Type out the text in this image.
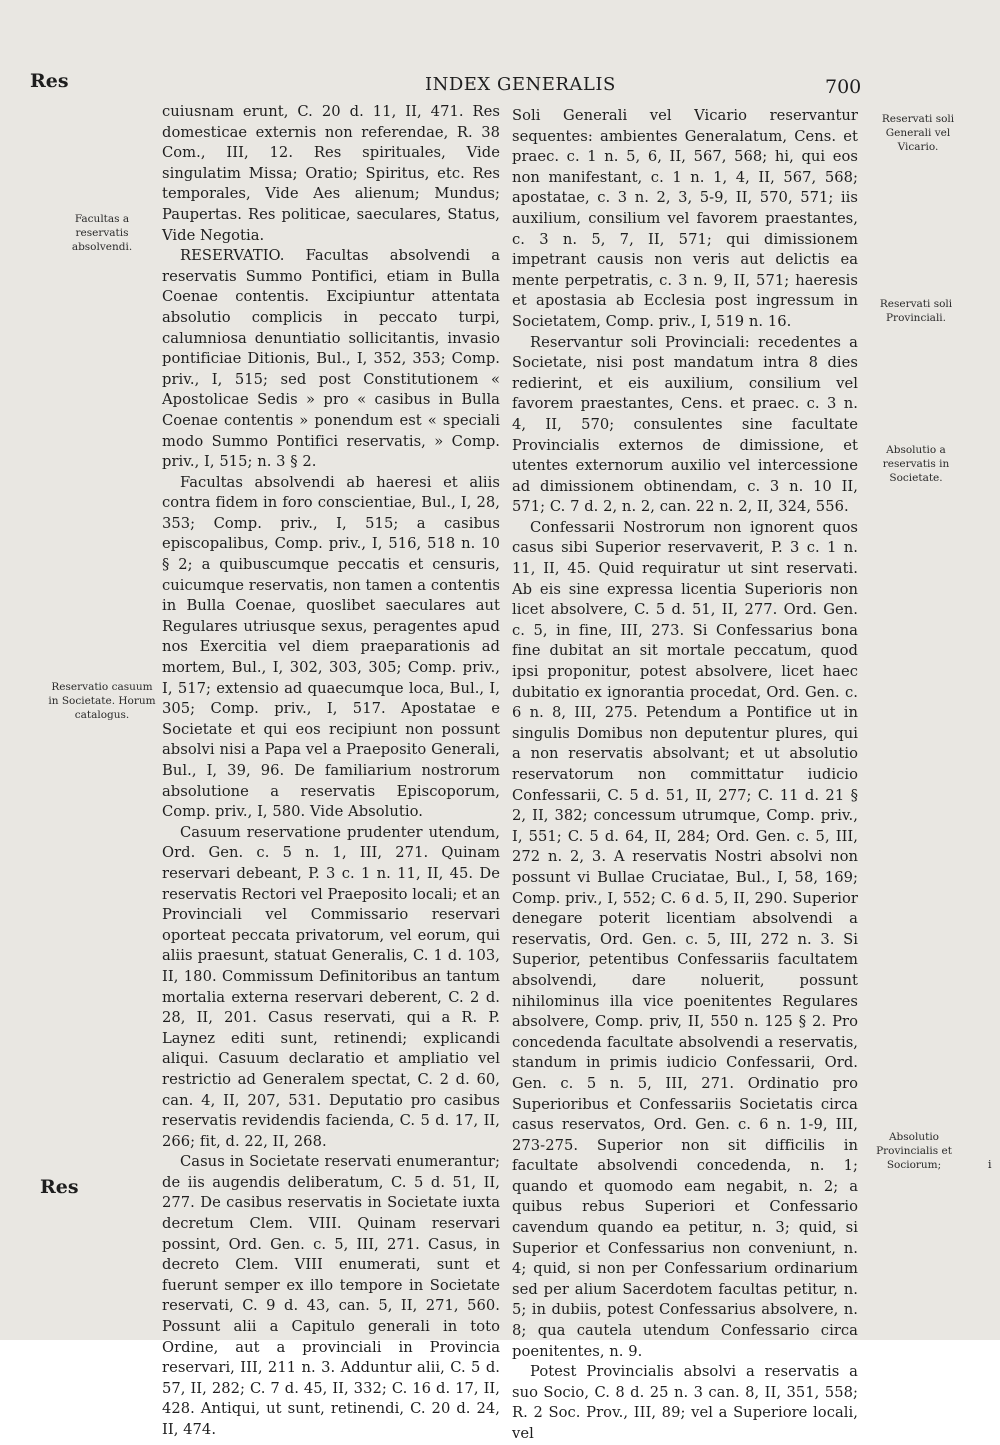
Res	INDEX GENERALIS	700
Facultas a reservatis absolvendi.
Reservatio casuum in Societate. Horum catalogus.

cuiusnam erunt, C. 20 d. 11, II, 471. Res domesticae externis non referendae, R. 38 Com., III, 12. Res spirituales, Vide singulatim Missa; Oratio; Spiritus, etc. Res temporales, Vide Aes alienum; Mundus; Paupertas. Res politicae, saeculares, Status, Vide Negotia.

RESERVATIO. Facultas absolvendi a reservatis Summo Pontifici, etiam in Bulla Coenae contentis. Excipiuntur attentata absolutio complicis in peccato turpi, calumniosa denuntiatio sollicitantis, invasio pontificiae Ditionis, Bul., I, 352, 353; Comp. priv., I, 515; sed post Constitutionem « Apostolicae Sedis » pro « casibus in Bulla Coenae contentis » ponendum est « speciali modo Summo Pontifici reservatis, » Comp. priv., I, 515; n. 3 § 2.

Facultas absolvendi ab haeresi et aliis contra fidem in foro conscientiae, Bul., I, 28, 353; Comp. priv., I, 515; a casibus episcopalibus, Comp. priv., I, 516, 518 n. 10 § 2; a quibuscumque peccatis et censuris, cuicumque reservatis, non tamen a contentis in Bulla Coenae, quoslibet saeculares aut Regulares utriusque sexus, peragentes apud nos Exercitia vel diem praeparationis ad mortem, Bul., I, 302, 303, 305; Comp. priv., I, 517; extensio ad quaecumque loca, Bul., I, 305; Comp. priv., I, 517. Apostatae e Societate et qui eos recipiunt non possunt absolvi nisi a Papa vel a Praeposito Generali, Bul., I, 39, 96. De familiarium nostrorum absolutione a reservatis Episcoporum, Comp. priv., I, 580. Vide Absolutio.

Casuum reservatione prudenter utendum, Ord. Gen. c. 5 n. 1, III, 271. Quinam reservari debeant, P. 3 c. 1 n. 11, II, 45. De reservatis Rectori vel Praeposito locali; et an Provinciali vel Commissario reservari oporteat peccata privatorum, vel eorum, qui aliis praesunt, statuat Generalis, C. 1 d. 103, II, 180. Commissum Definitoribus an tantum mortalia externa reservari deberent, C. 2 d. 28, II, 201. Casus reservati, qui a R. P. Laynez editi sunt, retinendi; explicandi aliqui. Casuum declaratio et ampliatio vel restrictio ad Generalem spectat, C. 2 d. 60, can. 4, II, 207, 531. Deputatio pro casibus reservatis revidendis facienda, C. 5 d. 17, II, 266; fit, d. 22, II, 268.

Casus in Societate reservati enumerantur; de iis augendis deliberatum, C. 5 d. 51, II, 277. De casibus reservatis in Societate iuxta decretum Clem. VIII. Quinam reservari possint, Ord. Gen. c. 5, III, 271. Casus, in decreto Clem. VIII enumerati, sunt et fuerunt semper ex illo tempore in Societate reservati, C. 9 d. 43, can. 5, II, 271, 560. Possunt alii a Capitulo generali in toto Ordine, aut a provinciali in Provincia reservari, III, 211 n. 3. Adduntur alii, C. 5 d. 57, II, 282; C. 7 d. 45, II, 332; C. 16 d. 17, II, 428. Antiqui, ut sunt, retinendi, C. 20 d. 24, II, 474.

Soli Generali vel Vicario reservantur sequentes: ambientes Generalatum, Cens. et praec. c. 1 n. 5, 6, II, 567, 568; hi, qui eos non manifestant, c. 1 n. 1, 4, II, 567, 568; apostatae, c. 3 n. 2, 3, 5-9, II, 570, 571; iis auxilium, consilium vel favorem praestantes, c. 3 n. 5, 7, II, 571; qui dimissionem impetrant causis non veris aut delictis ea mente perpetratis, c. 3 n. 9, II, 571; haeresis et apostasia ab Ecclesia post ingressum in Societatem, Comp. priv., I, 519 n. 16.

Reservantur soli Provinciali: recedentes a Societate, nisi post mandatum intra 8 dies redierint, et eis auxilium, consilium vel favorem praestantes, Cens. et praec. c. 3 n. 4, II, 570; consulentes sine facultate Provincialis externos de dimissione, et utentes externorum auxilio vel intercessione ad dimissionem obtinendam, c. 3 n. 10 II, 571; C. 7 d. 2, n. 2, can. 22 n. 2, II, 324, 556.

Confessarii Nostrorum non ignorent quos casus sibi Superior reservaverit, P. 3 c. 1 n. 11, II, 45. Quid requiratur ut sint reservati. Ab eis sine expressa licentia Superioris non licet absolvere, C. 5 d. 51, II, 277. Ord. Gen. c. 5, in fine, III, 273. Si Confessarius bona fine dubitat an sit mortale peccatum, quod ipsi proponitur, potest absolvere, licet haec dubitatio ex ignorantia procedat, Ord. Gen. c. 6 n. 8, III, 275. Petendum a Pontifice ut in singulis Domibus non deputentur plures, qui a non reservatis absolvant; et ut absolutio reservatorum non committatur iudicio Confessarii, C. 5 d. 51, II, 277; C. 11 d. 21 § 2, II, 382; concessum utrumque, Comp. priv., I, 551; C. 5 d. 64, II, 284; Ord. Gen. c. 5, III, 272 n. 2, 3. A reservatis Nostri absolvi non possunt vi Bullae Cruciatae, Bul., I, 58, 169; Comp. priv., I, 552; C. 6 d. 5, II, 290. Superior denegare poterit licentiam absolvendi a reservatis, Ord. Gen. c. 5, III, 272 n. 3. Si Superior, petentibus Confessariis facultatem absolvendi, dare noluerit, possunt nihilominus illa vice poenitentes Regulares absolvere, Comp. priv, II, 550 n. 125 § 2. Pro concedenda facultate absolvendi a reservatis, standum in primis iudicio Confessarii, Ord. Gen. c. 5 n. 5, III, 271. Ordinatio pro Superioribus et Confessariis Societatis circa casus reservatos, Ord. Gen. c. 6 n. 1-9, III, 273-275. Superior non sit difficilis in facultate absolvendi concedenda, n. 1; quando et quomodo eam negabit, n. 2; a quibus rebus Superiori et Confessario cavendum quando ea petitur, n. 3; quid, si Superior et Confessarius non conveniunt, n. 4; quid, si non per Confessarium ordinarium sed per alium Sacerdotem facultas petitur, n. 5; in dubiis, potest Confessarius absolvere, n. 8; qua cautela utendum Confessario circa poenitentes, n. 9.

Potest Provincialis absolvi a reservatis a suo Socio, C. 8 d. 25 n. 3 can. 8, II, 351, 558; R. 2 Soc. Prov., III, 89; vel a Superiore locali, vel

Reservati soli Generali vel Vicario.
Reservati soli Provinciali.
Absolutio a reservatis in Societate.
Absolutio Provincialis et Sociorum;
Res
i
